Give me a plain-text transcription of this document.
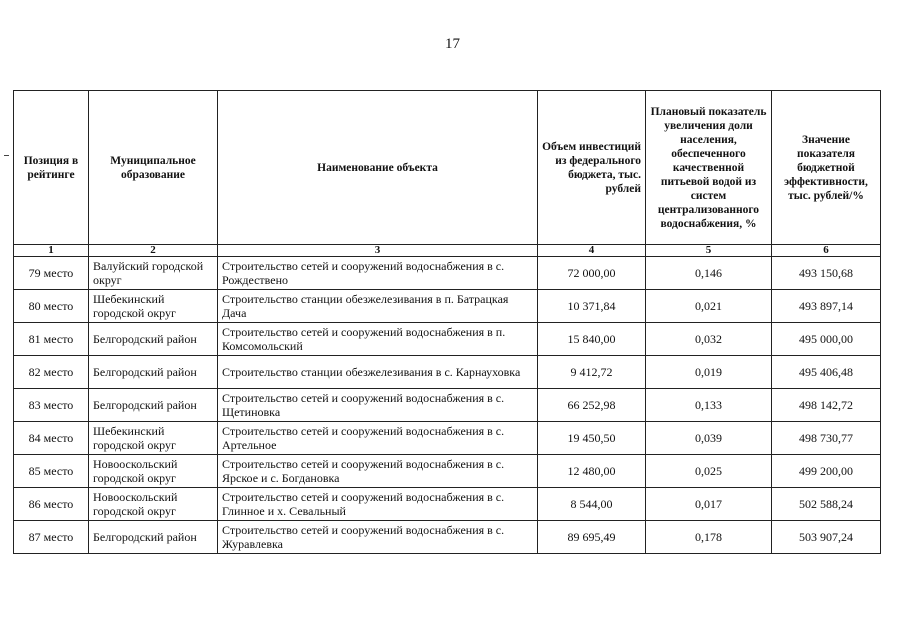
17
Позиция в рейтинге	Муниципальное образование	Наименование объекта	Объем инвестиций из федерального бюджета, тыс. рублей	Плановый показатель увеличения доли населения, обеспеченного качественной питьевой водой из систем централизованного водоснабжения, %	Значение показателя бюджетной эффективности, тыс. рублей/%
1	2	3	4	5	6
79 место	Валуйский городской округ	Строительство сетей и сооружений водоснабжения в с. Рождествено	72 000,00	0,146	493 150,68
80 место	Шебекинский городской округ	Строительство станции обезжелезивания в п. Батрацкая Дача	10 371,84	0,021	493 897,14
81 место	Белгородский район	Строительство сетей и сооружений водоснабжения в п. Комсомольский	15 840,00	0,032	495 000,00
82 место	Белгородский район	Строительство станции обезжелезивания в с. Карнауховка	9 412,72	0,019	495 406,48
83 место	Белгородский район	Строительство сетей и сооружений водоснабжения в с. Щетиновка	66 252,98	0,133	498 142,72
84 место	Шебекинский городской округ	Строительство сетей и сооружений водоснабжения в с. Артельное	19 450,50	0,039	498 730,77
85 место	Новооскольский городской округ	Строительство сетей и сооружений водоснабжения в с. Ярское и с. Богдановка	12 480,00	0,025	499 200,00
86 место	Новооскольский городской округ	Строительство сетей и сооружений водоснабжения в с. Глинное и х. Севальный	8 544,00	0,017	502 588,24
87 место	Белгородский район	Строительство сетей и сооружений водоснабжения в с. Журавлевка	89 695,49	0,178	503 907,24
